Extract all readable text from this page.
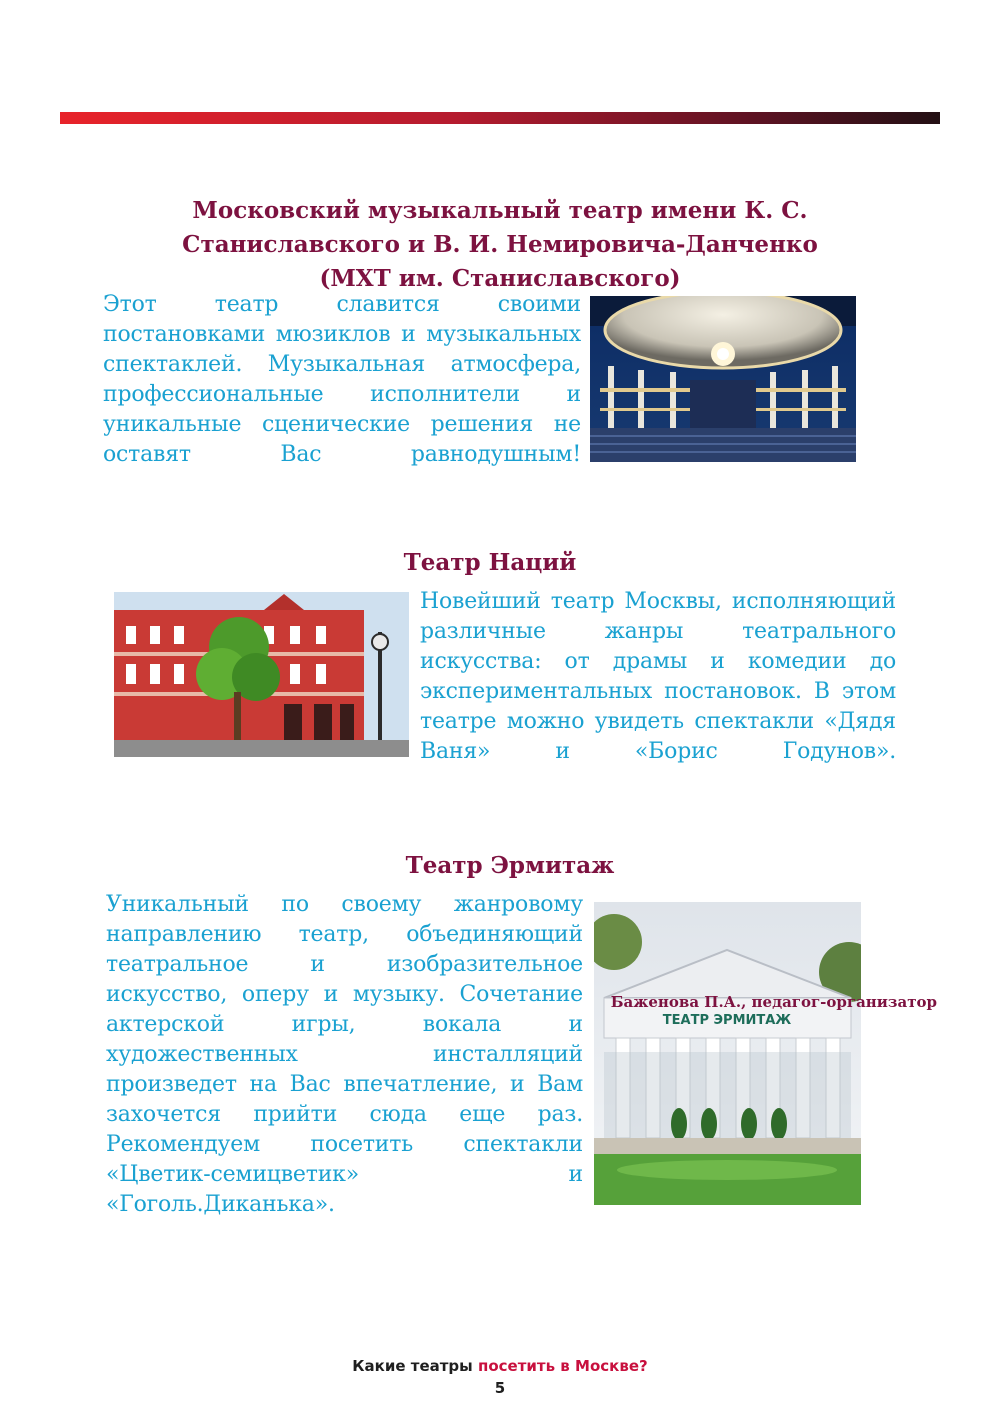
Московский музыкальный театр имени К. С.
Станиславского и В. И. Немировича-Данченко
(МХТ им. Станиславского)

Этот театр славится своими постановками мюзиклов и музыкальных спектаклей. Музыкальная атмосфера, профессиональные исполнители и уникальные сценические решения не оставят Вас равнодушным!

Театр Наций

Новейший театр Москвы, исполняющий различные жанры театрального искусства: от драмы и комедии до экспериментальных постановок. В этом театре можно увидеть спектакли «Дядя Ваня» и «Борис Годунов».

Театр Эрмитаж

Уникальный по своему жанровому направлению театр, объединяющий театральное и изобразительное искусство, оперу и музыку. Сочетание актерской игры, вокала и художественных инсталляций произведет на Вас впечатление, и Вам захочется прийти сюда еще раз. Рекомендуем посетить спектакли «Цветик-семицветик» и «Гоголь.Диканька».

ТЕАТР ЭРМИТАЖ

Баженова П.А., педагог-организатор

Какие театры посетить в Москве?
5
